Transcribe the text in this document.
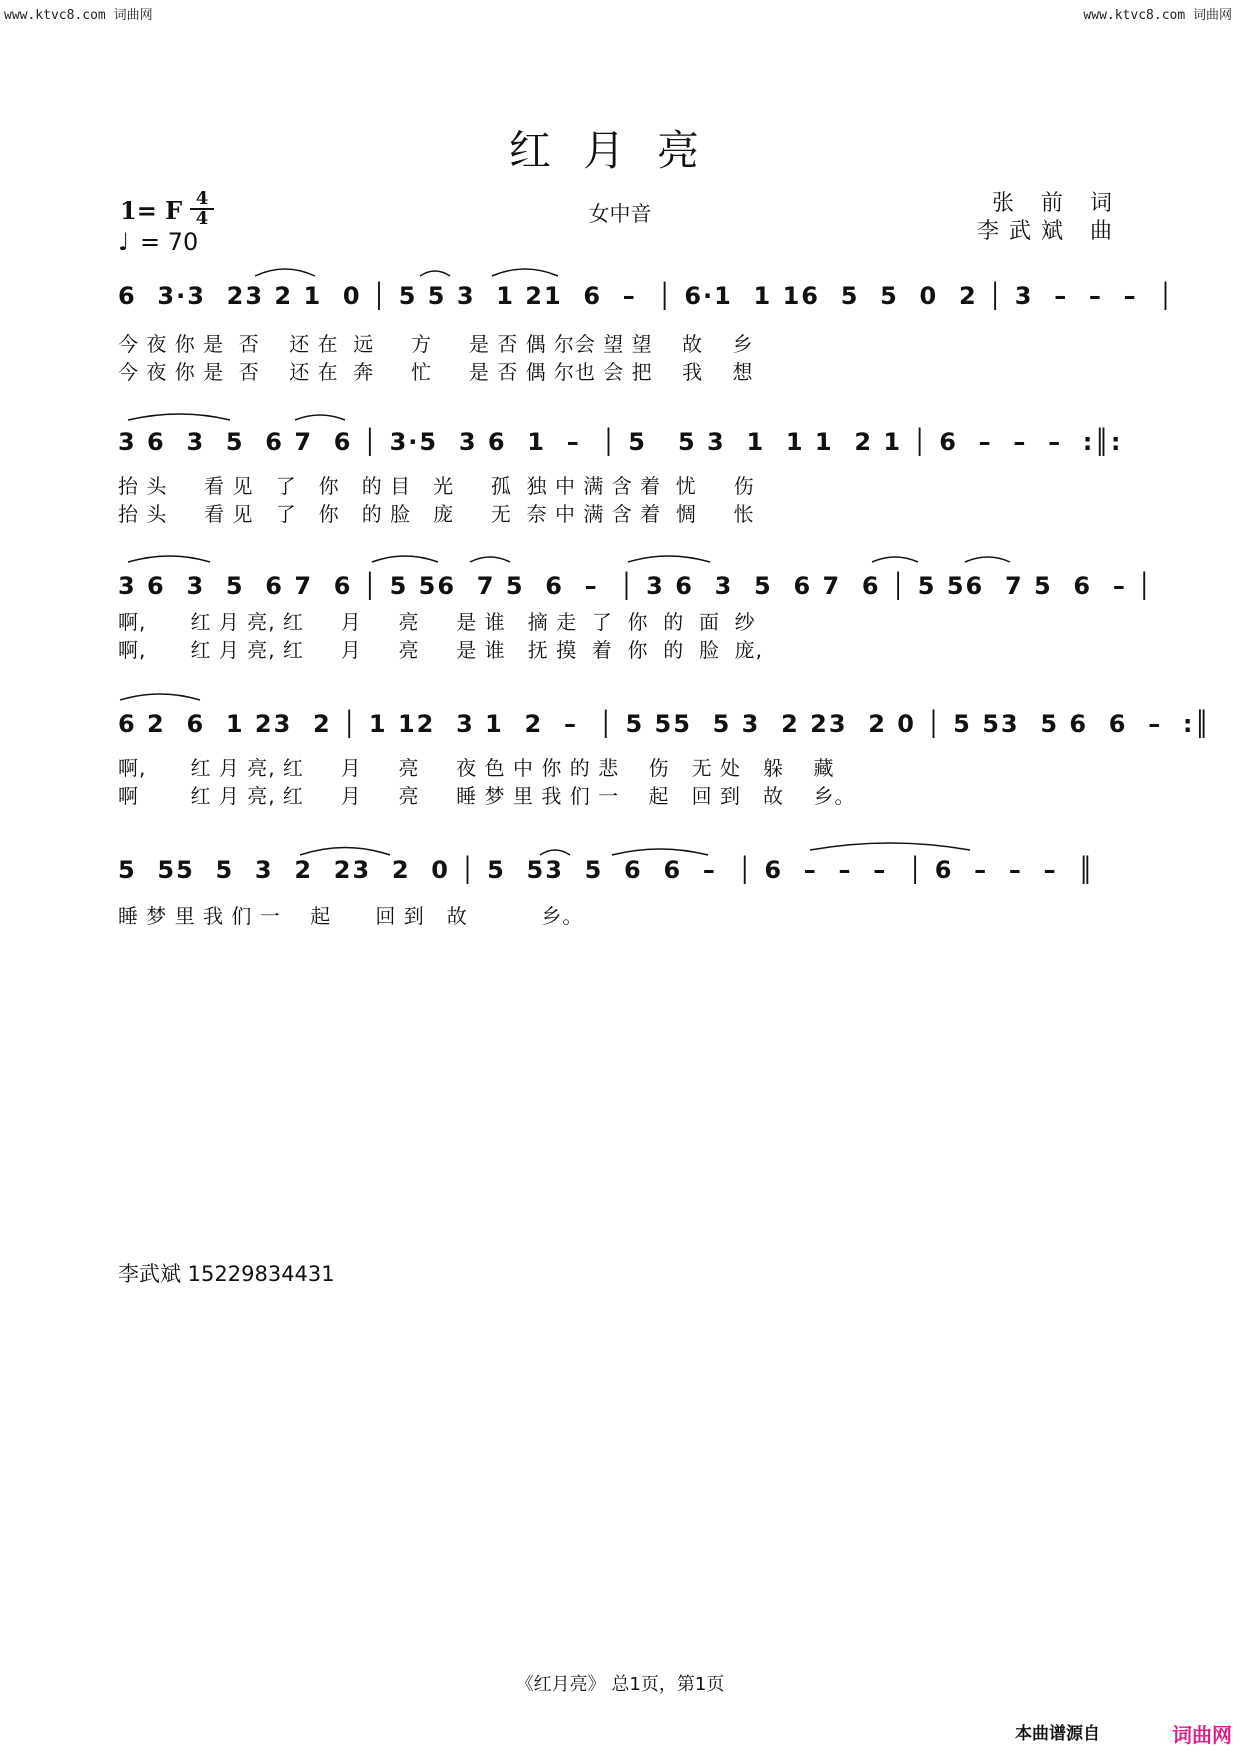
www.ktvc8.com 词曲网	www.ktvc8.com 词曲网
红月亮
1= F 4
4
♩ = 70
女中音	张 前 词
李武斌 曲
6  3·3  23 2 1  0 │ 5 5 3  1 21  6  –  │ 6·1  1 16  5  5  0  2 │ 3  –  –  –  │
今 夜 你 是  否    还 在  远     方     是 否 偶 尔会 望 望    故    乡
今 夜 你 是  否    还 在  奔     忙     是 否 偶 尔也 会 把    我    想
3 6  3  5  6 7  6 │ 3·5  3 6  1  –  │ 5   5 3  1  1 1  2 1 │ 6  –  –  –  :║:
抬 头     看 见   了   你   的 目   光     孤  独 中 满 含 着  忧     伤
抬 头     看 见   了   你   的 脸   庞     无  奈 中 满 含 着  惆     怅
3 6  3  5  6 7  6 │ 5 56  7 5  6  –  │ 3 6  3  5  6 7  6 │ 5 56  7 5  6  – │
啊,      红 月 亮, 红     月     亮     是 谁   摘 走  了  你  的  面  纱
啊,      红 月 亮, 红     月     亮     是 谁   抚 摸  着  你  的  脸  庞,
6 2  6  1 23  2 │ 1 12  3 1  2  –  │ 5 55  5 3  2 23  2 0 │ 5 53  5 6  6  –  :║
啊,      红 月 亮, 红     月     亮     夜 色 中 你 的 悲    伤   无 处   躲    藏
啊       红 月 亮, 红     月     亮     睡 梦 里 我 们 一    起   回 到   故    乡。
5  55  5  3  2  23  2  0 │ 5  53  5  6  6  –  │ 6  –  –  –  │ 6  –  –  –  ║
睡 梦 里 我 们 一    起      回 到   故          乡。
李武斌 15229834431
《红月亮》 总1页，第1页
本曲谱源自	词曲网
